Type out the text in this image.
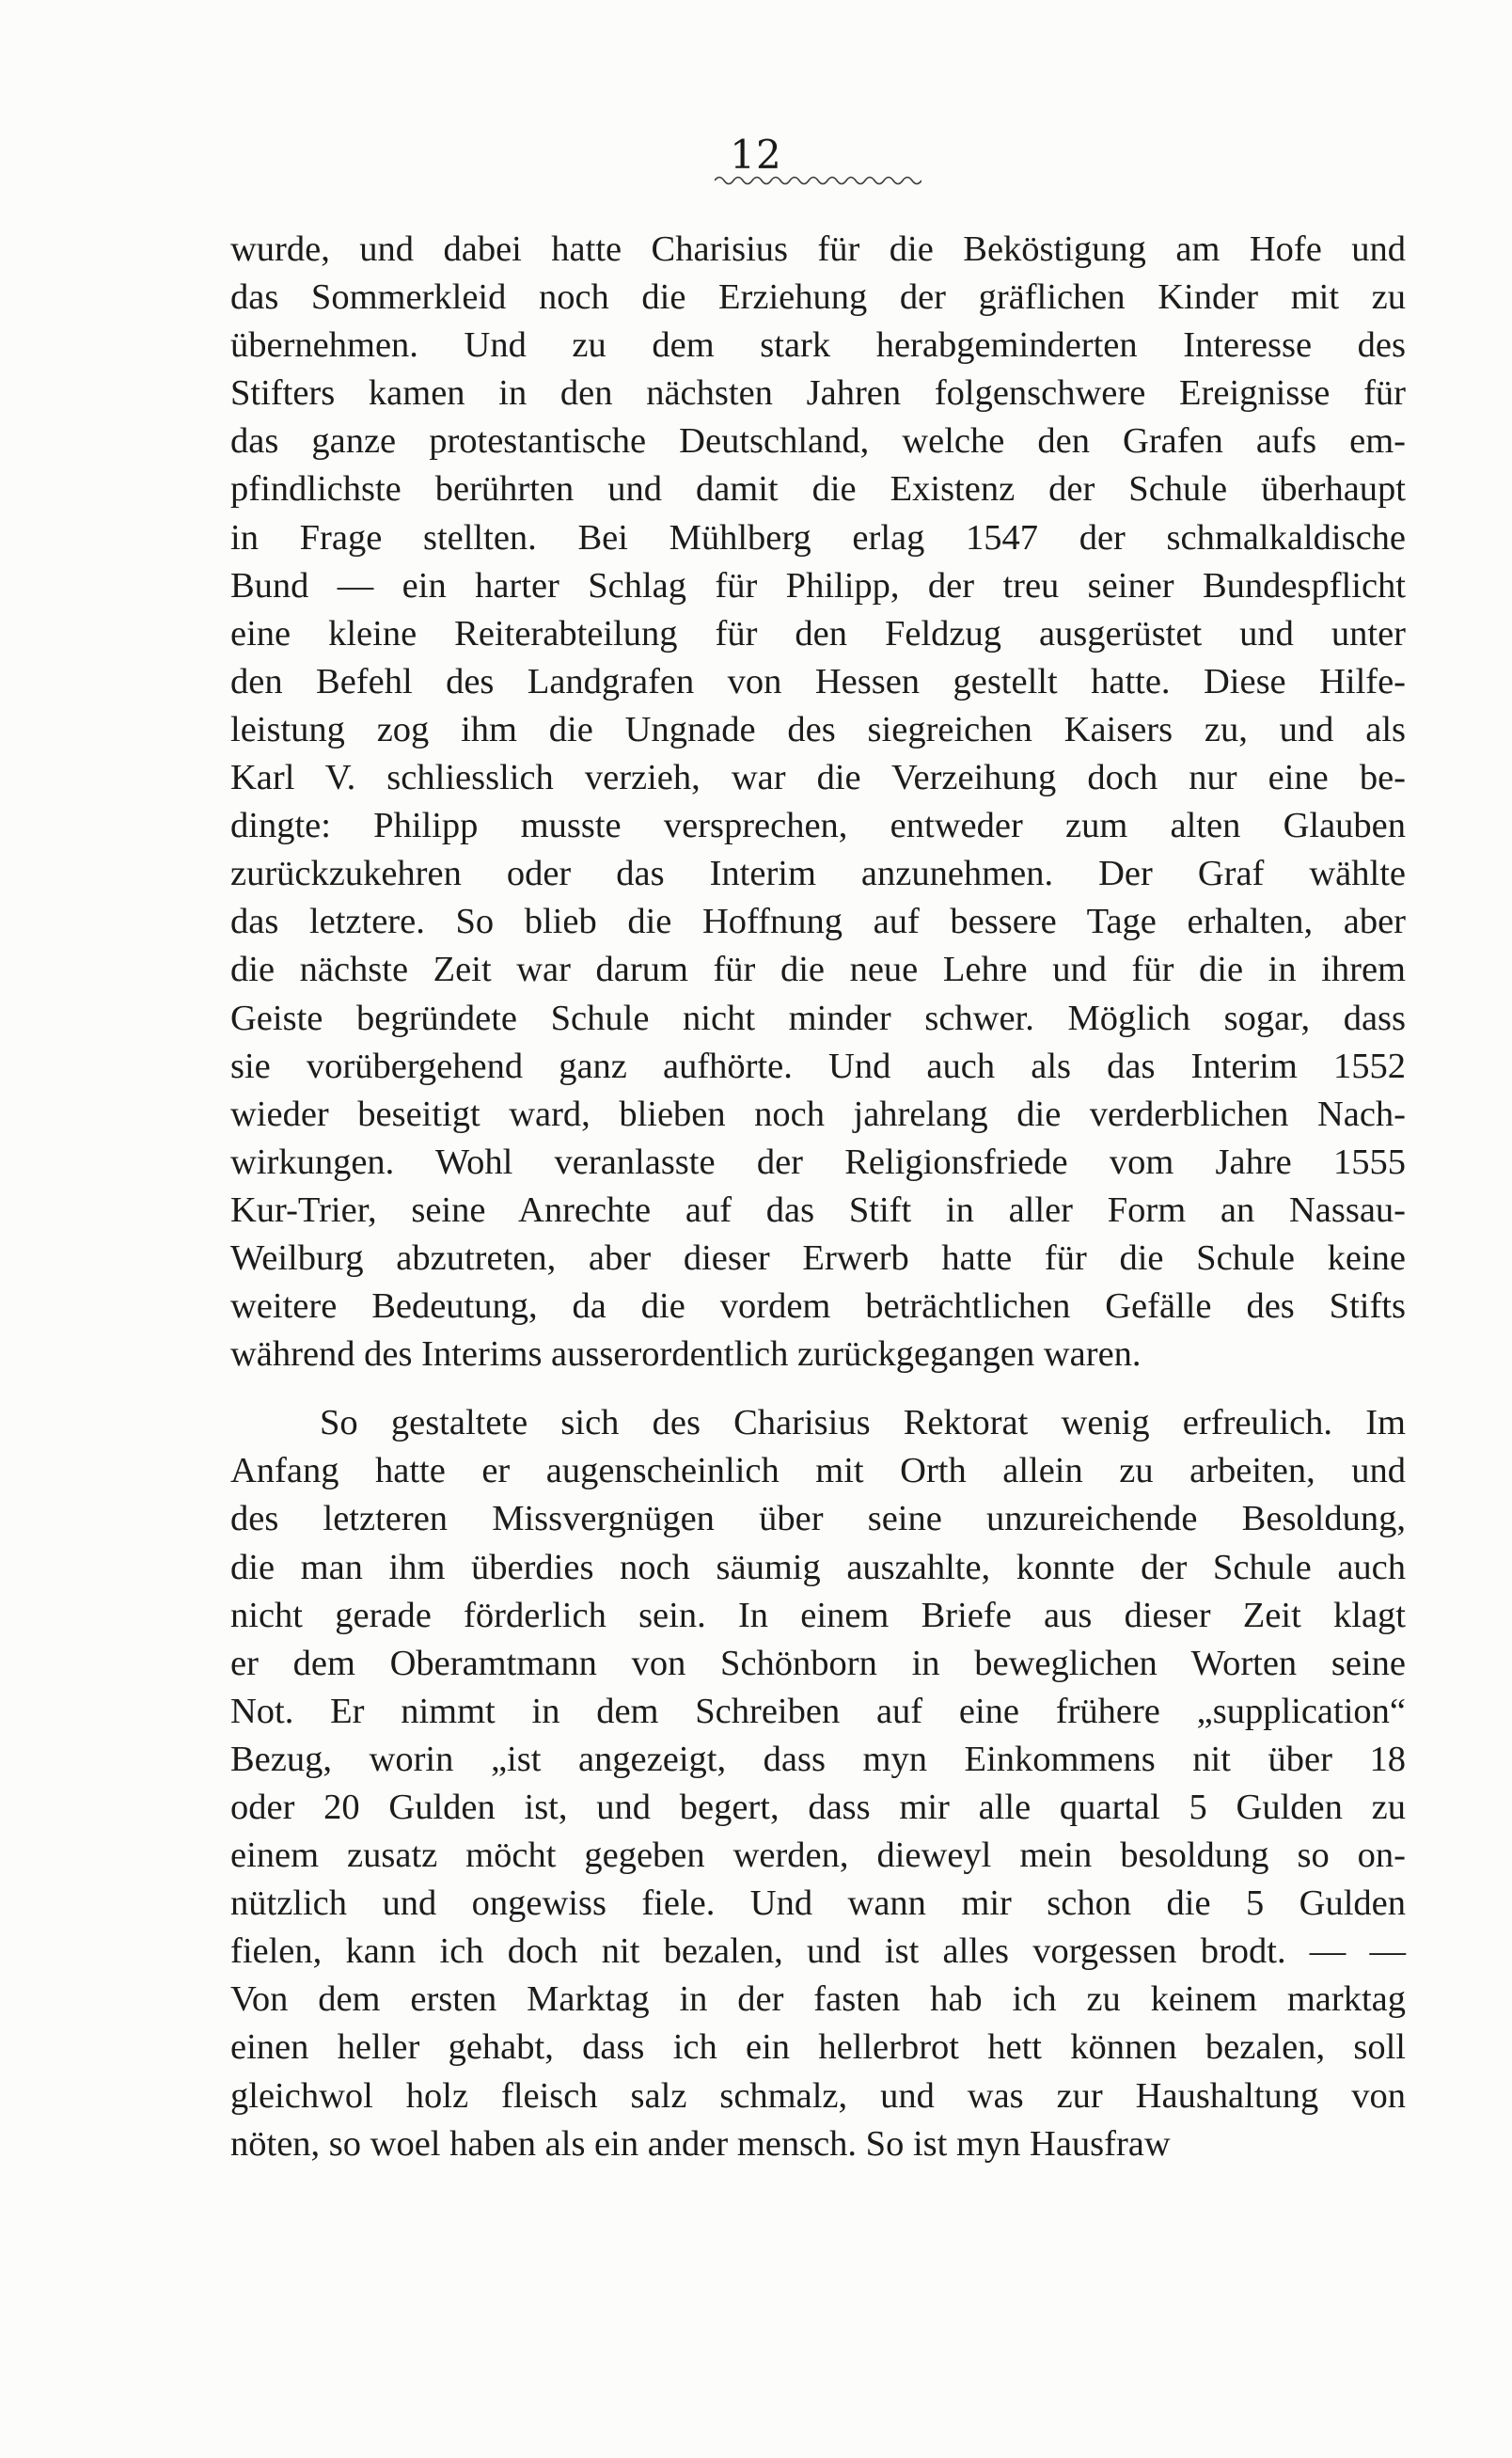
12
wurde, und dabei hatte Charisius für die Beköstigung am Hofe und
das Sommerkleid noch die Erziehung der gräflichen Kinder mit zu
übernehmen. Und zu dem stark herabgeminderten Interesse des
Stifters kamen in den nächsten Jahren folgenschwere Ereignisse für
das ganze protestantische Deutschland, welche den Grafen aufs em-
pfindlichste berührten und damit die Existenz der Schule überhaupt
in Frage stellten. Bei Mühlberg erlag 1547 der schmalkaldische
Bund — ein harter Schlag für Philipp, der treu seiner Bundespflicht
eine kleine Reiterabteilung für den Feldzug ausgerüstet und unter
den Befehl des Landgrafen von Hessen gestellt hatte. Diese Hilfe-
leistung zog ihm die Ungnade des siegreichen Kaisers zu, und als
Karl V. schliesslich verzieh, war die Verzeihung doch nur eine be-
dingte: Philipp musste versprechen, entweder zum alten Glauben
zurückzukehren oder das Interim anzunehmen. Der Graf wählte
das letztere. So blieb die Hoffnung auf bessere Tage erhalten, aber
die nächste Zeit war darum für die neue Lehre und für die in ihrem
Geiste begründete Schule nicht minder schwer. Möglich sogar, dass
sie vorübergehend ganz aufhörte. Und auch als das Interim 1552
wieder beseitigt ward, blieben noch jahrelang die verderblichen Nach-
wirkungen. Wohl veranlasste der Religionsfriede vom Jahre 1555
Kur-Trier, seine Anrechte auf das Stift in aller Form an Nassau-
Weilburg abzutreten, aber dieser Erwerb hatte für die Schule keine
weitere Bedeutung, da die vordem beträchtlichen Gefälle des Stifts
während des Interims ausserordentlich zurückgegangen waren.
So gestaltete sich des Charisius Rektorat wenig erfreulich. Im
Anfang hatte er augenscheinlich mit Orth allein zu arbeiten, und
des letzteren Missvergnügen über seine unzureichende Besoldung,
die man ihm überdies noch säumig auszahlte, konnte der Schule auch
nicht gerade förderlich sein. In einem Briefe aus dieser Zeit klagt
er dem Oberamtmann von Schönborn in beweglichen Worten seine
Not. Er nimmt in dem Schreiben auf eine frühere „supplication“
Bezug, worin „ist angezeigt, dass myn Einkommens nit über 18
oder 20 Gulden ist, und begert, dass mir alle quartal 5 Gulden zu
einem zusatz möcht gegeben werden, dieweyl mein besoldung so on-
nützlich und ongewiss fiele. Und wann mir schon die 5 Gulden
fielen, kann ich doch nit bezalen, und ist alles vorgessen brodt. — —
Von dem ersten Marktag in der fasten hab ich zu keinem marktag
einen heller gehabt, dass ich ein hellerbrot hett können bezalen, soll
gleichwol holz fleisch salz schmalz, und was zur Haushaltung von
nöten, so woel haben als ein ander mensch. So ist myn Hausfraw
